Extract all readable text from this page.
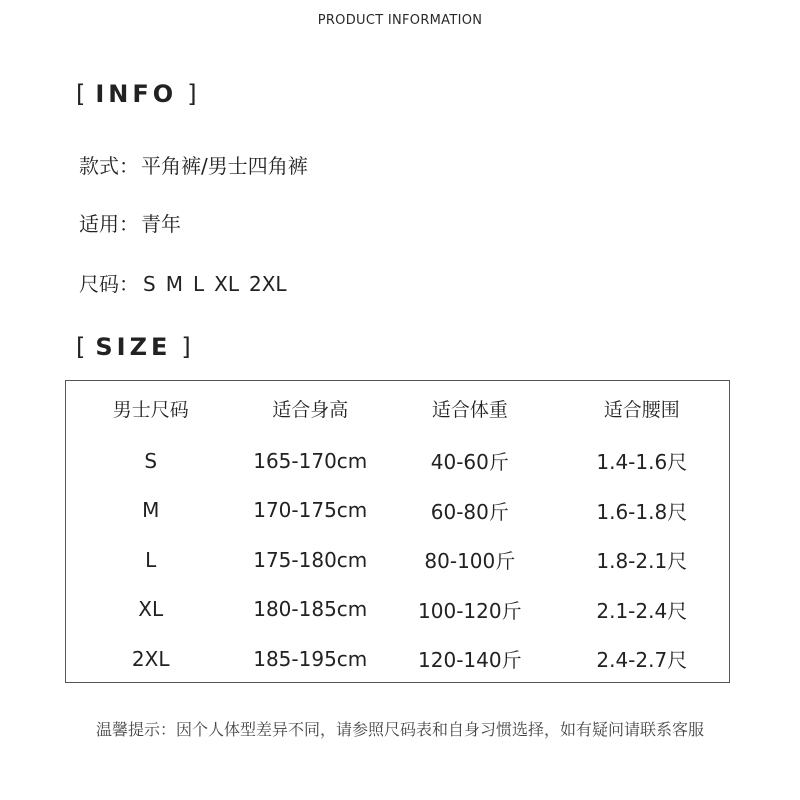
PRODUCT INFORMATION
[ INFO ]
款式： 平角裤/男士四角裤
适用： 青年
尺码： S M L XL 2XL
[ SIZE ]
男士尺码	适合身高	适合体重	适合腰围
S	165-170cm	40-60斤	1.4-1.6尺
M	170-175cm	60-80斤	1.6-1.8尺
L	175-180cm	80-100斤	1.8-2.1尺
XL	180-185cm	100-120斤	2.1-2.4尺
2XL	185-195cm	120-140斤	2.4-2.7尺
温馨提示：因个人体型差异不同，请参照尺码表和自身习惯选择，如有疑问请联系客服
